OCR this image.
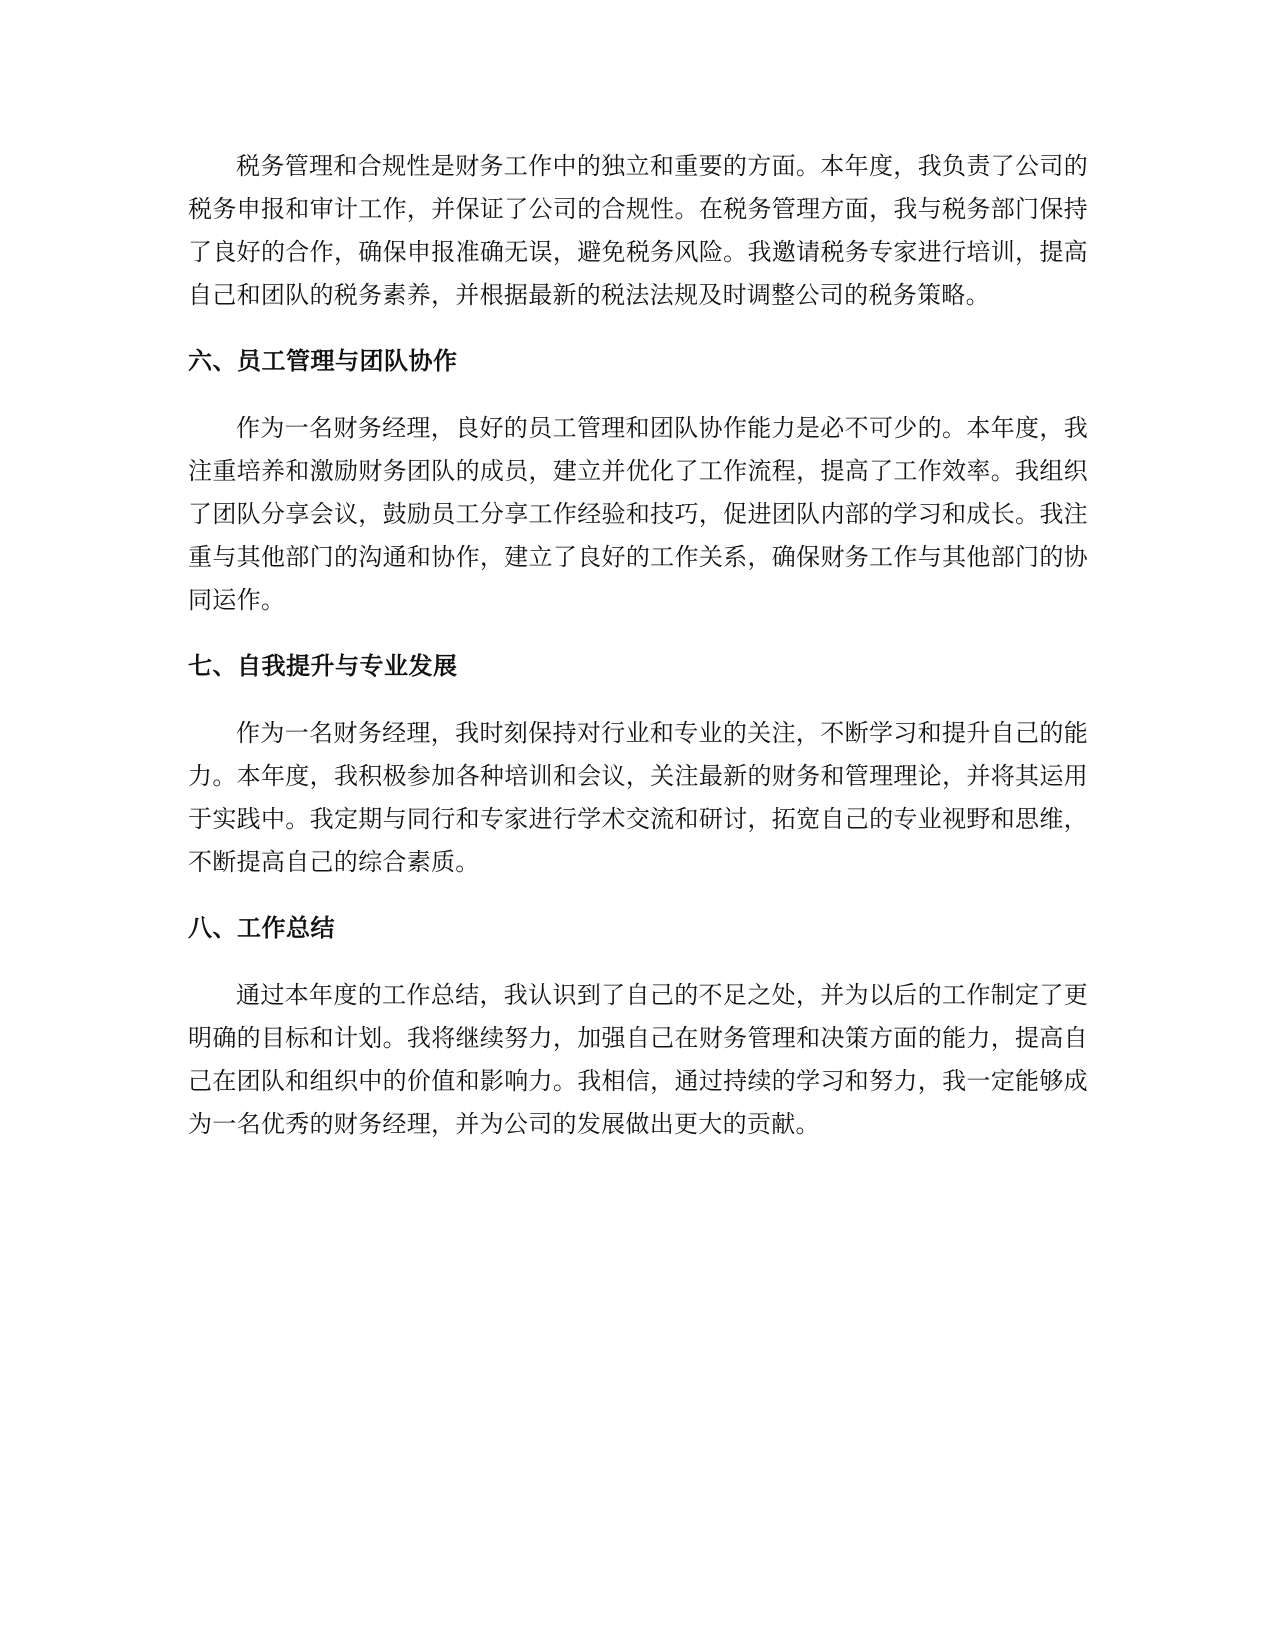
税务管理和合规性是财务工作中的独立和重要的方面。本年度，我负责了公司的税务申报和审计工作，并保证了公司的合规性。在税务管理方面，我与税务部门保持了良好的合作，确保申报准确无误，避免税务风险。我邀请税务专家进行培训，提高自己和团队的税务素养，并根据最新的税法法规及时调整公司的税务策略。

六、员工管理与团队协作

作为一名财务经理，良好的员工管理和团队协作能力是必不可少的。本年度，我注重培养和激励财务团队的成员，建立并优化了工作流程，提高了工作效率。我组织了团队分享会议，鼓励员工分享工作经验和技巧，促进团队内部的学习和成长。我注重与其他部门的沟通和协作，建立了良好的工作关系，确保财务工作与其他部门的协同运作。

七、自我提升与专业发展

作为一名财务经理，我时刻保持对行业和专业的关注，不断学习和提升自己的能力。本年度，我积极参加各种培训和会议，关注最新的财务和管理理论，并将其运用于实践中。我定期与同行和专家进行学术交流和研讨，拓宽自己的专业视野和思维，不断提高自己的综合素质。

八、工作总结

通过本年度的工作总结，我认识到了自己的不足之处，并为以后的工作制定了更明确的目标和计划。我将继续努力，加强自己在财务管理和决策方面的能力，提高自己在团队和组织中的价值和影响力。我相信，通过持续的学习和努力，我一定能够成为一名优秀的财务经理，并为公司的发展做出更大的贡献。
